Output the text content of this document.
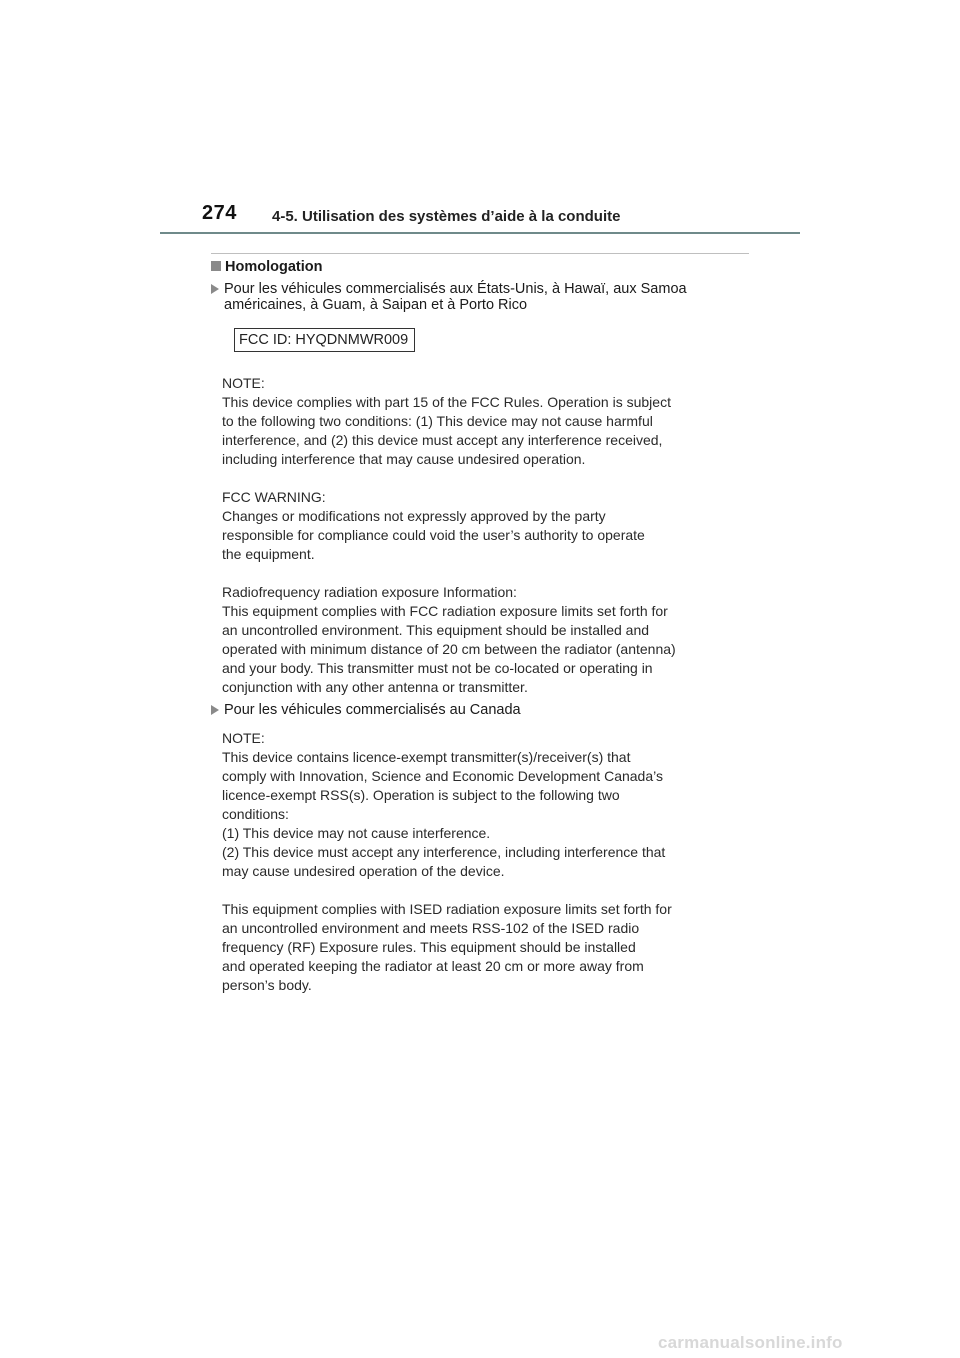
274 4-5. Utilisation des systèmes d’aide à la conduite
Homologation
Pour les véhicules commercialisés aux États-Unis, à Hawaï, aux Samoa américaines, à Guam, à Saipan et à Porto Rico
FCC ID: HYQDNMWR009

NOTE:
This device complies with part 15 of the FCC Rules. Operation is subject
to the following two conditions: (1) This device may not cause harmful
interference, and (2) this device must accept any interference received,
including interference that may cause undesired operation.

FCC WARNING:
Changes or modifications not expressly approved by the party
responsible for compliance could void the user’s authority to operate
the equipment.

Radiofrequency radiation exposure Information:
This equipment complies with FCC radiation exposure limits set forth for
an uncontrolled environment. This equipment should be installed and
operated with minimum distance of 20 cm between the radiator (antenna)
and your body. This transmitter must not be co-located or operating in
conjunction with any other antenna or transmitter.

Pour les véhicules commercialisés au Canada

NOTE:
This device contains licence-exempt transmitter(s)/receiver(s) that
comply with Innovation, Science and Economic Development Canada’s
licence-exempt RSS(s). Operation is subject to the following two
conditions:
(1) This device may not cause interference.
(2) This device must accept any interference, including interference that
may cause undesired operation of the device.

This equipment complies with ISED radiation exposure limits set forth for
an uncontrolled environment and meets RSS-102 of the ISED radio
frequency (RF) Exposure rules. This equipment should be installed
and operated keeping the radiator at least 20 cm or more away from
person’s body.

carmanualsonline.info
